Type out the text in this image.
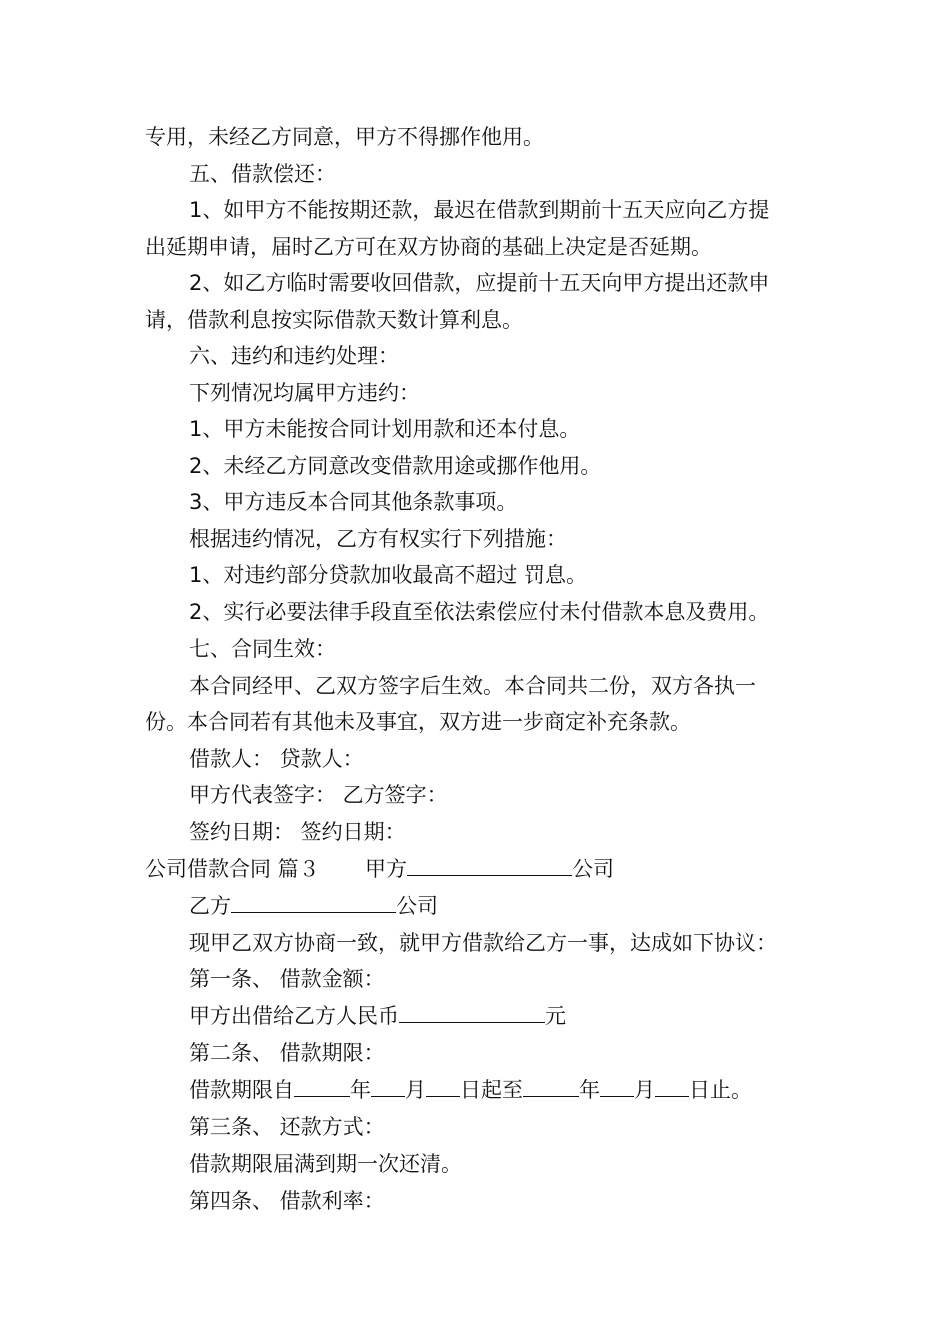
专用，未经乙方同意，甲方不得挪作他用。
五、借款偿还：
1、如甲方不能按期还款，最迟在借款到期前十五天应向乙方提
出延期申请，届时乙方可在双方协商的基础上决定是否延期。
2、如乙方临时需要收回借款，应提前十五天向甲方提出还款申
请，借款利息按实际借款天数计算利息。
六、违约和违约处理：
下列情况均属甲方违约：
1、甲方未能按合同计划用款和还本付息。
2、未经乙方同意改变借款用途或挪作他用。
3、甲方违反本合同其他条款事项。
根据违约情况，乙方有权实行下列措施：
1、对违约部分贷款加收最高不超过 罚息。
2、实行必要法律手段直至依法索偿应付未付借款本息及费用。
七、合同生效：
本合同经甲、乙双方签字后生效。本合同共二份，双方各执一
份。本合同若有其他未及事宜，双方进一步商定补充条款。
借款人： 贷款人：
甲方代表签字： 乙方签字：
签约日期： 签约日期：
公司借款合同 篇３ 甲方	公司
乙方	公司
现甲乙双方协商一致，就甲方借款给乙方一事，达成如下协议：
第一条、 借款金额：
甲方出借给乙方人民币	元
第二条、 借款期限：
借款期限自	年 月 日起至	年 月 日止。
第三条、 还款方式：
借款期限届满到期一次还清。
第四条、 借款利率：
